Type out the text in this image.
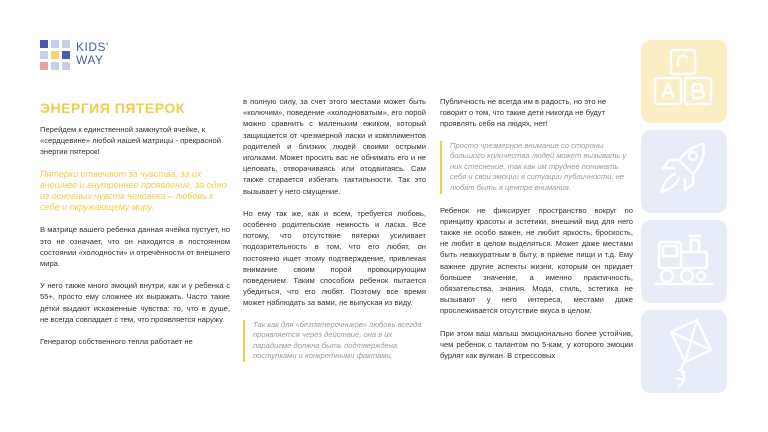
KIDS'
WAY
ЭНЕРГИЯ ПЯТЕРОК

Перейдем к единственной замкнутой ячейке, к «сердцевине» любой нашей матрицы - прекрасной энергии пятерок!

Пятерки отвечают за чувства, за их внешнее и внутреннее проявление, за одно из основных чувств человека – любовь к себе и окружающему миру.

В матрице вашего ребенка данная ячейка пустует, но это не означает, что он находится в постоянном состоянии «холодности» и отречённости от внешнего мира.

У него также много эмоций внутри, как и у ребенка с 55+, просто ему сложнее их выражать. Часто такие детки выдают искаженные чувства: то, что в душе, не всегда совпадает с тем, что проявляется наружу.

Генератор собственного тепла работает не

в полную силу, за счет этого местами может быть «колючим», поведение «холодноватым», его порой можно сравнить с маленьким ежиком, который защищается от чрезмерной ласки и комплиментов родителей и близких людей своими острыми иголками. Может просить вас не обнимать его и не целовать, отворачиваясь или отодвигаясь. Сам также старается избегать тактильности. Так это вызывает у него смущение.

Но ему так же, как и всем, требуется любовь, особенно родительские нежность и ласка. Все потому, что отсутствие пятерки усиливает подозрительность в том, что его любят, он постоянно ищет этому подтверждение, привлекая внимание своим порой провоцирующим поведением. Таким способом ребенок пытается убедиться, что его любят. Поэтому все время может наблюдать за вами, не выпуская из виду.

Так как для «безпятерочников» любовь всегда проявляется через действие, она в их парадигме должна быть подтверждена поступками и конкретными фактами.

Публичность не всегда им в радость, но это не говорит о том, что такие дети никогда не будут проявлять себя на людях, нет!

Просто чрезмерное внимание со стороны большого количества людей может вызывать у них стеснение, так как им труднее понимать себя и свои эмоции в ситуации публичности, не любят быть в центре внимания.

Ребенок не фиксирует пространство вокруг по принципу красоты и эстетики, внешний вид для него также не особо важен, не любит яркость, броскость, не любит в целом выделяться. Может даже местами быть неаккуратным в быту, в приеме пищи и т.д. Ему важнее другие аспекты жизни, которым он придает большее значение, а именно практичность, обязательства, знания. Мода, стиль, эстетика не вызывают у него интереса, местами даже прослеживается отсутствие вкуса в целом.

При этом ваш малыш эмоционально более устойчив, чем ребенок с талантом по 5-кам, у которого эмоции бурлят как вулкан. В стрессовых
